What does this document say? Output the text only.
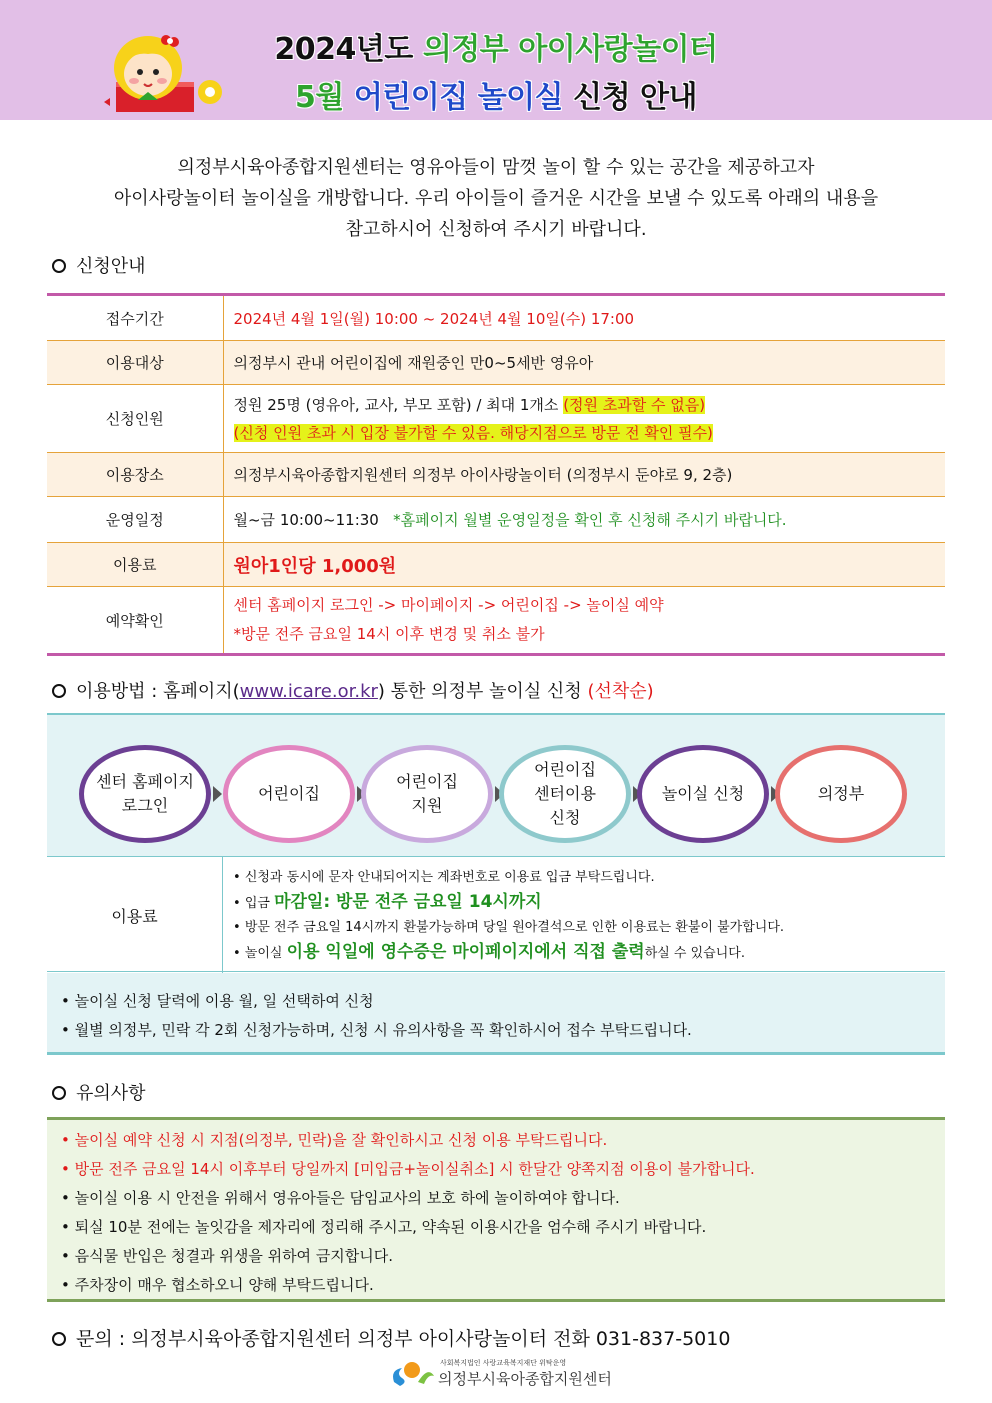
2024년도 의정부 아이사랑놀이터
5월 어린이집 놀이실 신청 안내
의정부시육아종합지원센터는 영유아들이 맘껏 놀이 할 수 있는 공간을 제공하고자
아이사랑놀이터 놀이실을 개방합니다. 우리 아이들이 즐거운 시간을 보낼 수 있도록 아래의 내용을
참고하시어 신청하여 주시기 바랍니다.
신청안내
접수기간	2024년 4월 1일(월) 10:00 ~ 2024년 4월 10일(수) 17:00
이용대상	의정부시 관내 어린이집에 재원중인 만0~5세반 영유아
신청인원	정원 25명 (영유아, 교사, 부모 포함) / 최대 1개소 (정원 초과할 수 없음)
(신청 인원 초과 시 입장 불가할 수 있음. 해당지점으로 방문 전 확인 필수)

이용장소	의정부시육아종합지원센터 의정부 아이사랑놀이터 (의정부시 둔야로 9, 2층)
운영일정	월~금 10:00~11:30 *홈페이지 월별 운영일정을 확인 후 신청해 주시기 바랍니다.
이용료	원아1인당 1,000원
예약확인	센터 홈페이지 로그인 -> 마이페이지 -> 어린이집 -> 놀이실 예약
*방문 전주 금요일 14시 이후 변경 및 취소 불가
이용방법 : 홈페이지(www.icare.or.kr) 통한 의정부 놀이실 신청 (선착순)
센터 홈페이지
로그인
어린이집
어린이집
지원
어린이집
센터이용
신청
놀이실 신청	의정부
이용료
• 신청과 동시에 문자 안내되어지는 계좌번호로 이용료 입금 부탁드립니다.
• 입금 마감일: 방문 전주 금요일 14시까지
• 방문 전주 금요일 14시까지 환불가능하며 당일 원아결석으로 인한 이용료는 환불이 불가합니다.
• 놀이실 이용 익일에 영수증은 마이페이지에서 직접 출력하실 수 있습니다.
• 놀이실 신청 달력에 이용 월, 일 선택하여 신청
• 월별 의정부, 민락 각 2회 신청가능하며, 신청 시 유의사항을 꼭 확인하시어 접수 부탁드립니다.
유의사항
• 놀이실 예약 신청 시 지점(의정부, 민락)을 잘 확인하시고 신청 이용 부탁드립니다.
• 방문 전주 금요일 14시 이후부터 당일까지 [미입금+놀이실취소] 시 한달간 양쪽지점 이용이 불가합니다.
• 놀이실 이용 시 안전을 위해서 영유아들은 담임교사의 보호 하에 놀이하여야 합니다.
• 퇴실 10분 전에는 놀잇감을 제자리에 정리해 주시고, 약속된 이용시간을 엄수해 주시기 바랍니다.
• 음식물 반입은 청결과 위생을 위하여 금지합니다.
• 주차장이 매우 협소하오니 양해 부탁드립니다.
문의 : 의정부시육아종합지원센터 의정부 아이사랑놀이터 전화 031-837-5010
사회복지법인 사랑교육복지재단 위탁운영
의정부시육아종합지원센터
